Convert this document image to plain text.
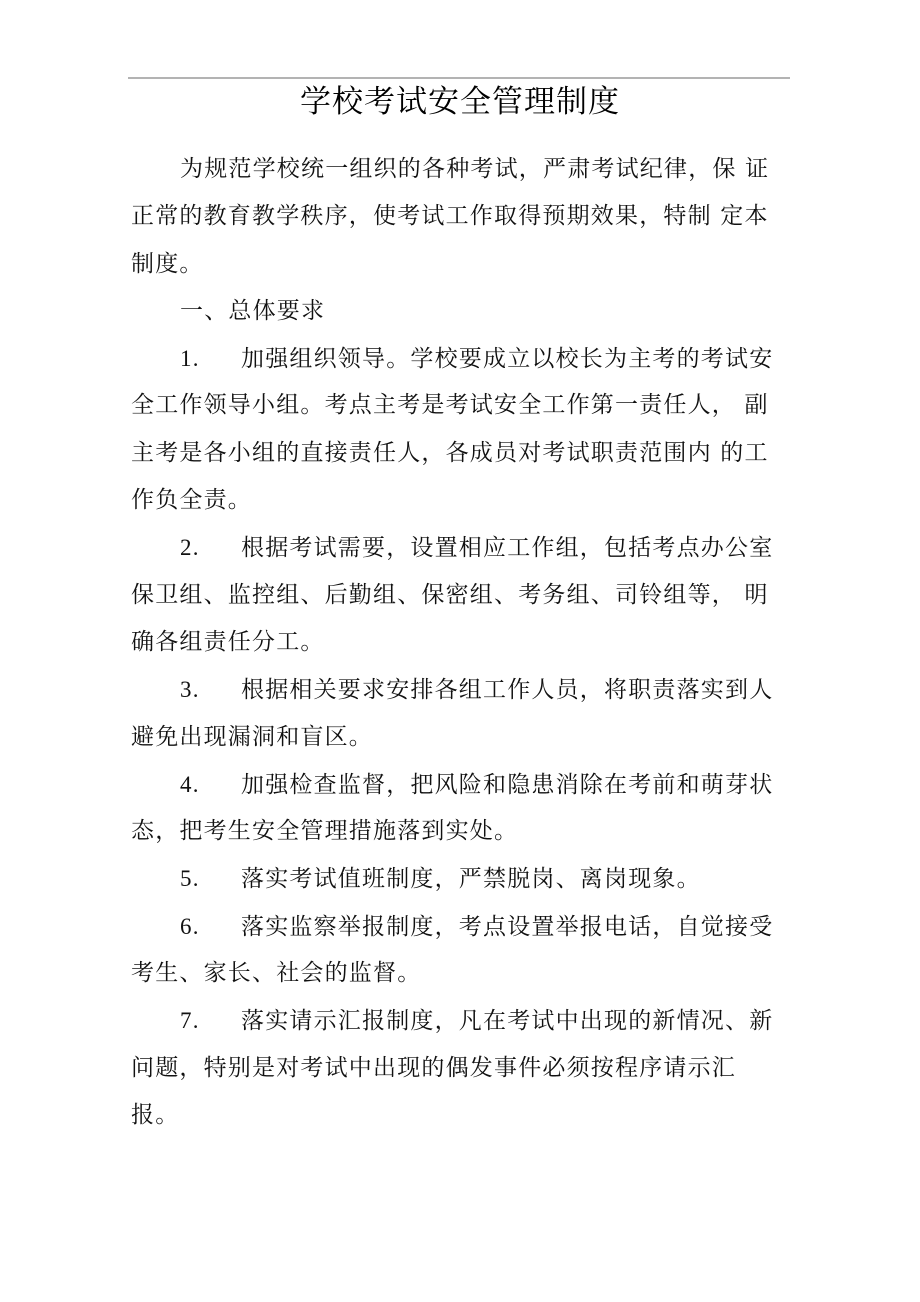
学校考试安全管理制度
为规范学校统一组织的各种考试，严肃考试纪律，保 证
正常的教育教学秩序，使考试工作取得预期效果，特制 定本
制度。
一、总体要求
1. 加强组织领导。学校要成立以校长为主考的考试安
全工作领导小组。考点主考是考试安全工作第一责任人， 副
主考是各小组的直接责任人，各成员对考试职责范围内 的工
作负全责。
2. 根据考试需要，设置相应工作组，包括考点办公室
保卫组、监控组、后勤组、保密组、考务组、司铃组等， 明
确各组责任分工。
3. 根据相关要求安排各组工作人员，将职责落实到人
避免出现漏洞和盲区。
4. 加强检查监督，把风险和隐患消除在考前和萌芽状
态，把考生安全管理措施落到实处。
5. 落实考试值班制度，严禁脱岗、离岗现象。
6. 落实监察举报制度，考点设置举报电话，自觉接受
考生、家长、社会的监督。
7. 落实请示汇报制度，凡在考试中出现的新情况、新
问题，特别是对考试中出现的偶发事件必须按程序请示汇
报。
